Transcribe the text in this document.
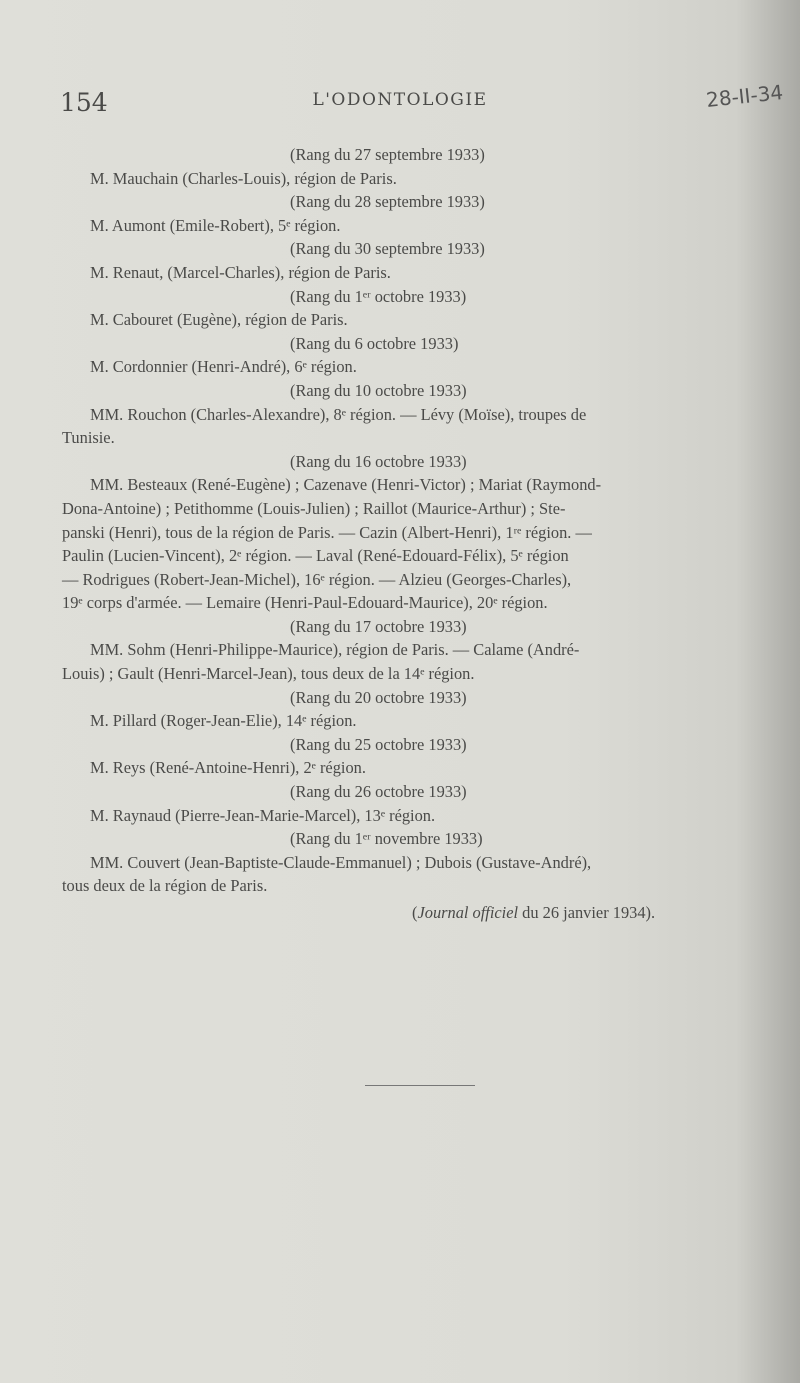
154	L'ODONTOLOGIE	28-II-34

(Rang du 27 septembre 1933)

M. Mauchain (Charles-Louis), région de Paris.

(Rang du 28 septembre 1933)

M. Aumont (Emile-Robert), 5ᵉ région.

(Rang du 30 septembre 1933)

M. Renaut, (Marcel-Charles), région de Paris.

(Rang du 1ᵉʳ octobre 1933)

M. Cabouret (Eugène), région de Paris.

(Rang du 6 octobre 1933)

M. Cordonnier (Henri-André), 6ᵉ région.

(Rang du 10 octobre 1933)

MM. Rouchon (Charles-Alexandre), 8ᵉ région. — Lévy (Moïse), troupes de

Tunisie.

(Rang du 16 octobre 1933)

MM. Besteaux (René-Eugène) ; Cazenave (Henri-Victor) ; Mariat (Raymond-

Dona-Antoine) ; Petithomme (Louis-Julien) ; Raillot (Maurice-Arthur) ; Ste-

panski (Henri), tous de la région de Paris. — Cazin (Albert-Henri), 1ʳᵉ région. —

Paulin (Lucien-Vincent), 2ᵉ région. — Laval (René-Edouard-Félix), 5ᵉ région

— Rodrigues (Robert-Jean-Michel), 16ᵉ région. — Alzieu (Georges-Charles),

19ᵉ corps d'armée. — Lemaire (Henri-Paul-Edouard-Maurice), 20ᵉ région.

(Rang du 17 octobre 1933)

MM. Sohm (Henri-Philippe-Maurice), région de Paris. — Calame (André-

Louis) ; Gault (Henri-Marcel-Jean), tous deux de la 14ᵉ région.

(Rang du 20 octobre 1933)

M. Pillard (Roger-Jean-Elie), 14ᵉ région.

(Rang du 25 octobre 1933)

M. Reys (René-Antoine-Henri), 2ᵉ région.

(Rang du 26 octobre 1933)

M. Raynaud (Pierre-Jean-Marie-Marcel), 13ᵉ région.

(Rang du 1ᵉʳ novembre 1933)

MM. Couvert (Jean-Baptiste-Claude-Emmanuel) ; Dubois (Gustave-André),

tous deux de la région de Paris.

(Journal officiel du 26 janvier 1934).
